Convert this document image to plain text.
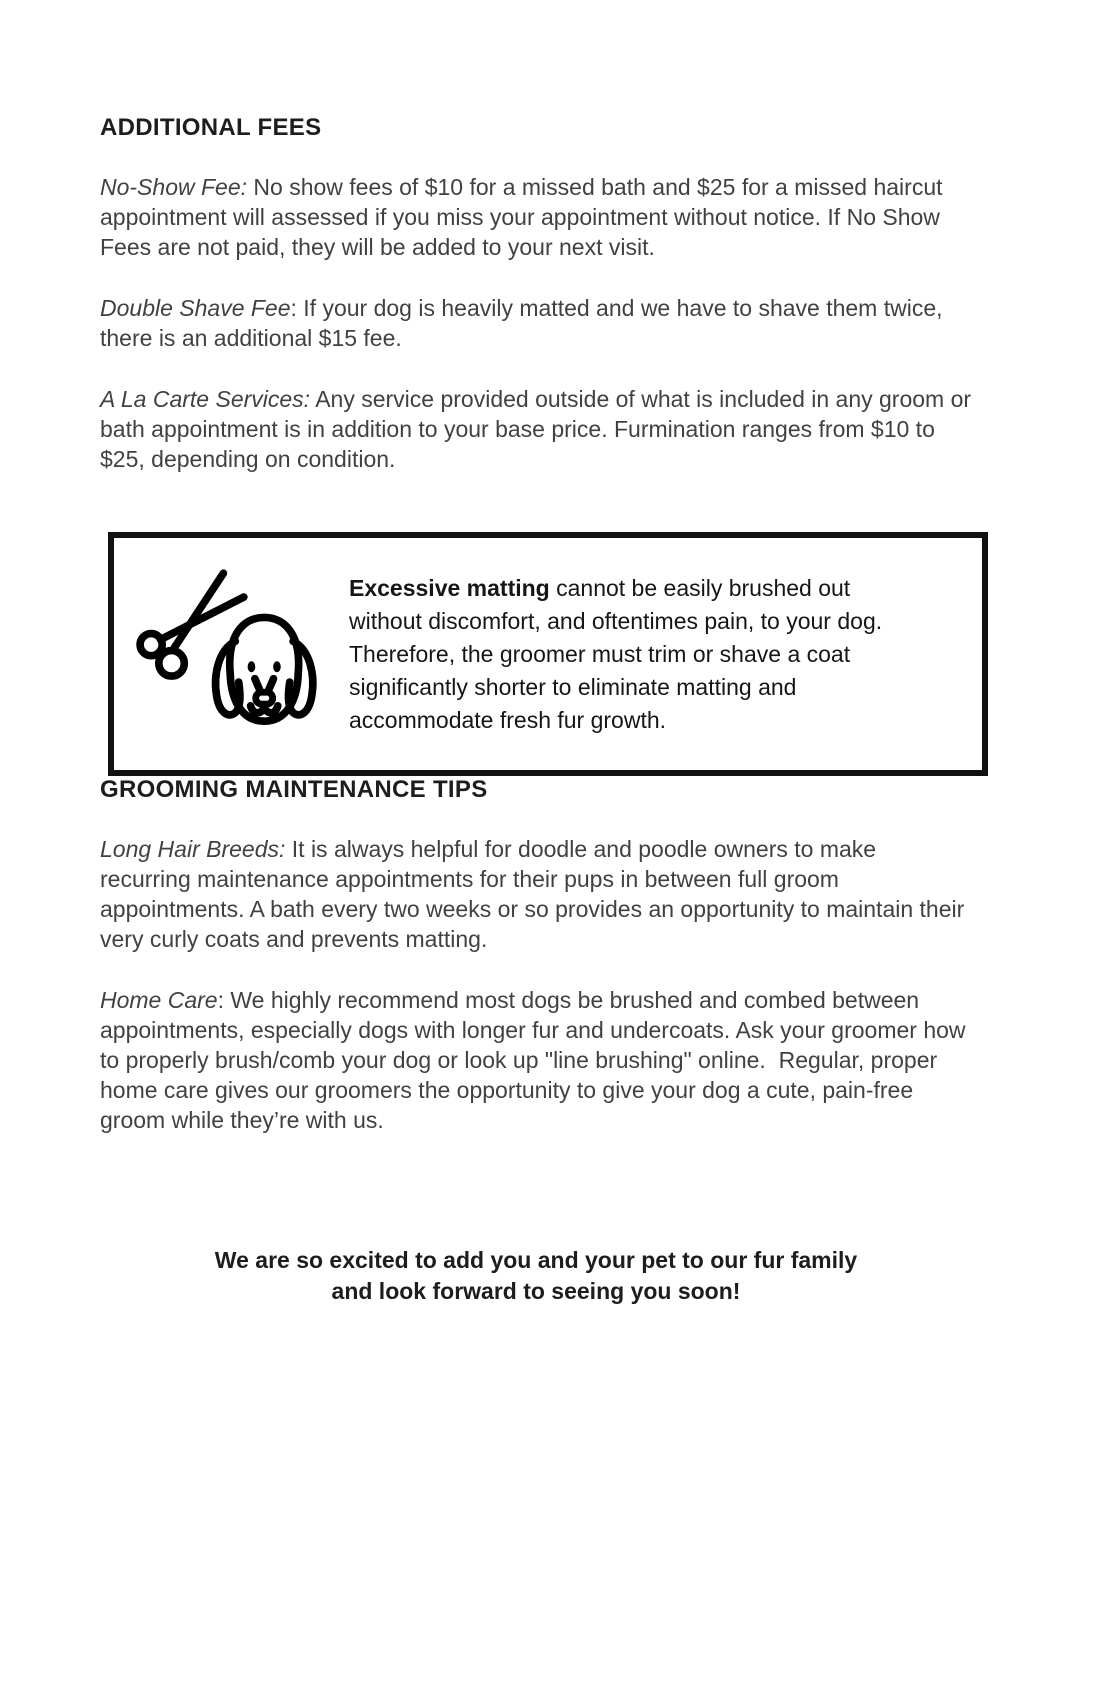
ADDITIONAL FEES

No-Show Fee: No show fees of $10 for a missed bath and $25 for a missed haircut appointment will assessed if you miss your appointment without notice. If No Show Fees are not paid, they will be added to your next visit.

Double Shave Fee: If your dog is heavily matted and we have to shave them twice, there is an additional $15 fee.

A La Carte Services: Any service provided outside of what is included in any groom or bath appointment is in addition to your base price. Furmination ranges from $10 to $25, depending on condition.

Excessive matting cannot be easily brushed out without discomfort, and oftentimes pain, to your dog. Therefore, the groomer must trim or shave a coat significantly shorter to eliminate matting and accommodate fresh fur growth.

GROOMING MAINTENANCE TIPS

Long Hair Breeds: It is always helpful for doodle and poodle owners to make recurring maintenance appointments for their pups in between full groom appointments. A bath every two weeks or so provides an opportunity to maintain their very curly coats and prevents matting.

Home Care: We highly recommend most dogs be brushed and combed between appointments, especially dogs with longer fur and undercoats. Ask your groomer how to properly brush/comb your dog or look up "line brushing" online.  Regular, proper home care gives our groomers the opportunity to give your dog a cute, pain-free groom while they’re with us.

We are so excited to add you and your pet to our fur family
and look forward to seeing you soon!
